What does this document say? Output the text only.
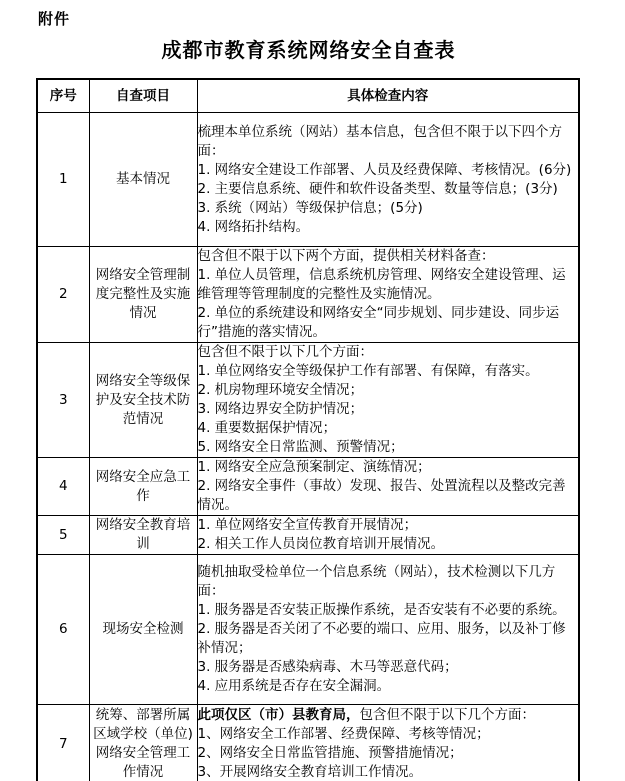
附件
成都市教育系统网络安全自查表
序号	自查项目	具体检查内容
1	基本情况	梳理本单位系统（网站）基本信息，包含但不限于以下四个方面：
1. 网络安全建设工作部署、人员及经费保障、考核情况。(6分)
2. 主要信息系统、硬件和软件设备类型、数量等信息；(3分)
3. 系统（网站）等级保护信息；(5分)
4. 网络拓扑结构。

2	网络安全管理制度完整性及实施情况	包含但不限于以下两个方面，提供相关材料备查：
1. 单位人员管理，信息系统机房管理、网络安全建设管理、运维管理等管理制度的完整性及实施情况。
2. 单位的系统建设和网络安全“同步规划、同步建设、同步运行”措施的落实情况。

3	网络安全等级保护及安全技术防范情况	
包含但不限于以下几个方面：
1. 单位网络安全等级保护工作有部署、有保障，有落实。
2. 机房物理环境安全情况；
3. 网络边界安全防护情况；
4. 重要数据保护情况；
5. 网络安全日常监测、预警情况；

4	网络安全应急工作	1. 网络安全应急预案制定、演练情况；
2. 网络安全事件（事故）发现、报告、处置流程以及整改完善情况。

5	网络安全教育培训	1. 单位网络安全宣传教育开展情况；
2. 相关工作人员岗位教育培训开展情况。

6	现场安全检测	随机抽取受检单位一个信息系统（网站），技术检测以下几方面：
1. 服务器是否安装正版操作系统，是否安装有不必要的系统。
2. 服务器是否关闭了不必要的端口、应用、服务，以及补丁修补情况；
3. 服务器是否感染病毒、木马等恶意代码；
4. 应用系统是否存在安全漏洞。

7	统筹、部署所属区域学校（单位)网络安全管理工作情况	此项仅区（市）县教育局，包含但不限于以下几个方面：
1、网络安全工作部署、经费保障、考核等情况；
2、网络安全日常监管措施、预警措施情况；
3、开展网络安全教育培训工作情况。
